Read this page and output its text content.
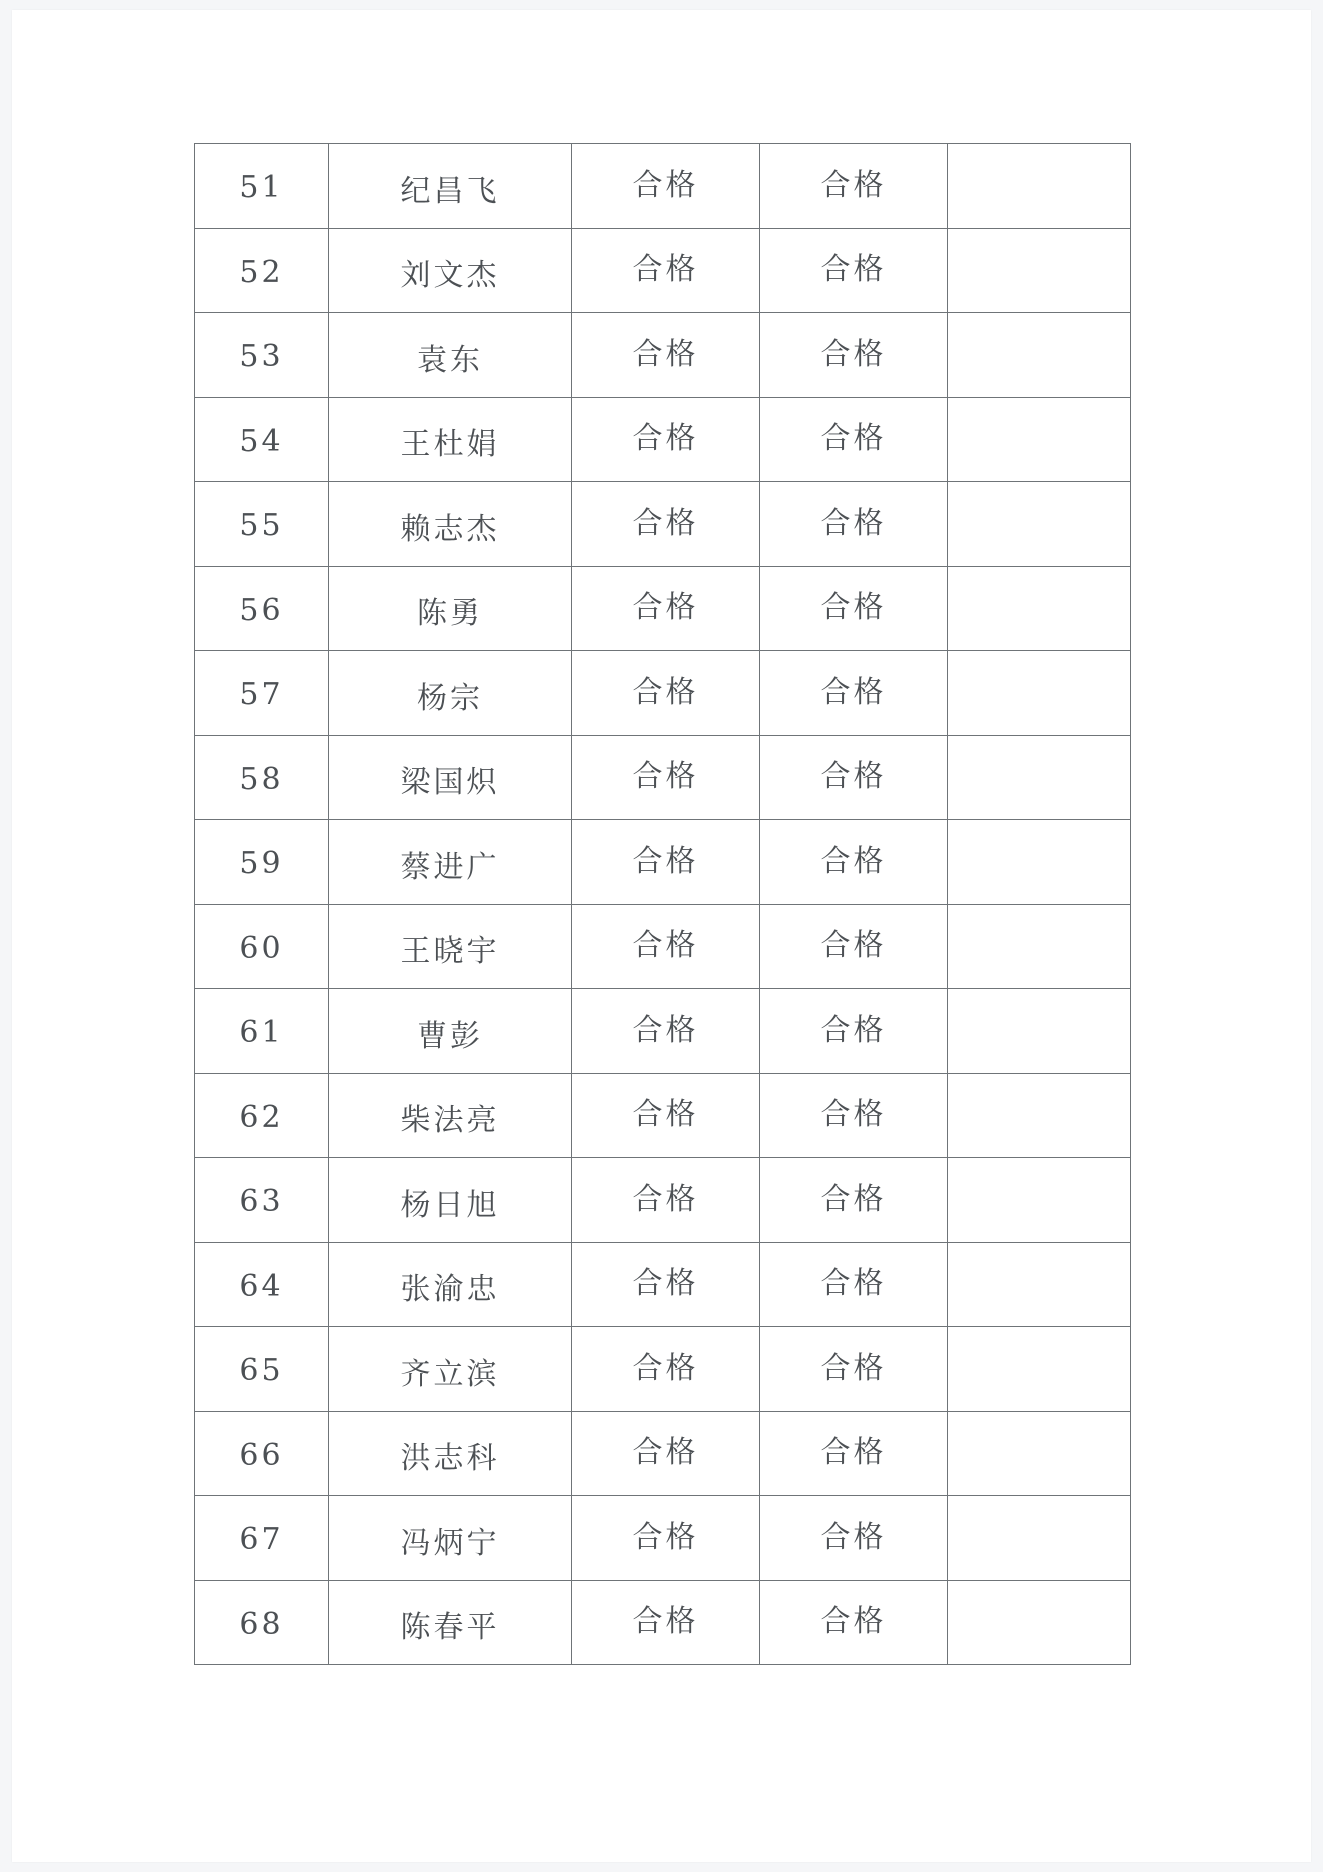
51	纪昌飞	合格	合格	
52	刘文杰	合格	合格	
53	袁东	合格	合格	
54	王杜娟	合格	合格	
55	赖志杰	合格	合格	
56	陈勇	合格	合格	
57	杨宗	合格	合格	
58	梁国炽	合格	合格	
59	蔡进广	合格	合格	
60	王晓宇	合格	合格	
61	曹彭	合格	合格	
62	柴法亮	合格	合格	
63	杨日旭	合格	合格	
64	张渝忠	合格	合格	
65	齐立滨	合格	合格	
66	洪志科	合格	合格	
67	冯炳宁	合格	合格	
68	陈春平	合格	合格	
